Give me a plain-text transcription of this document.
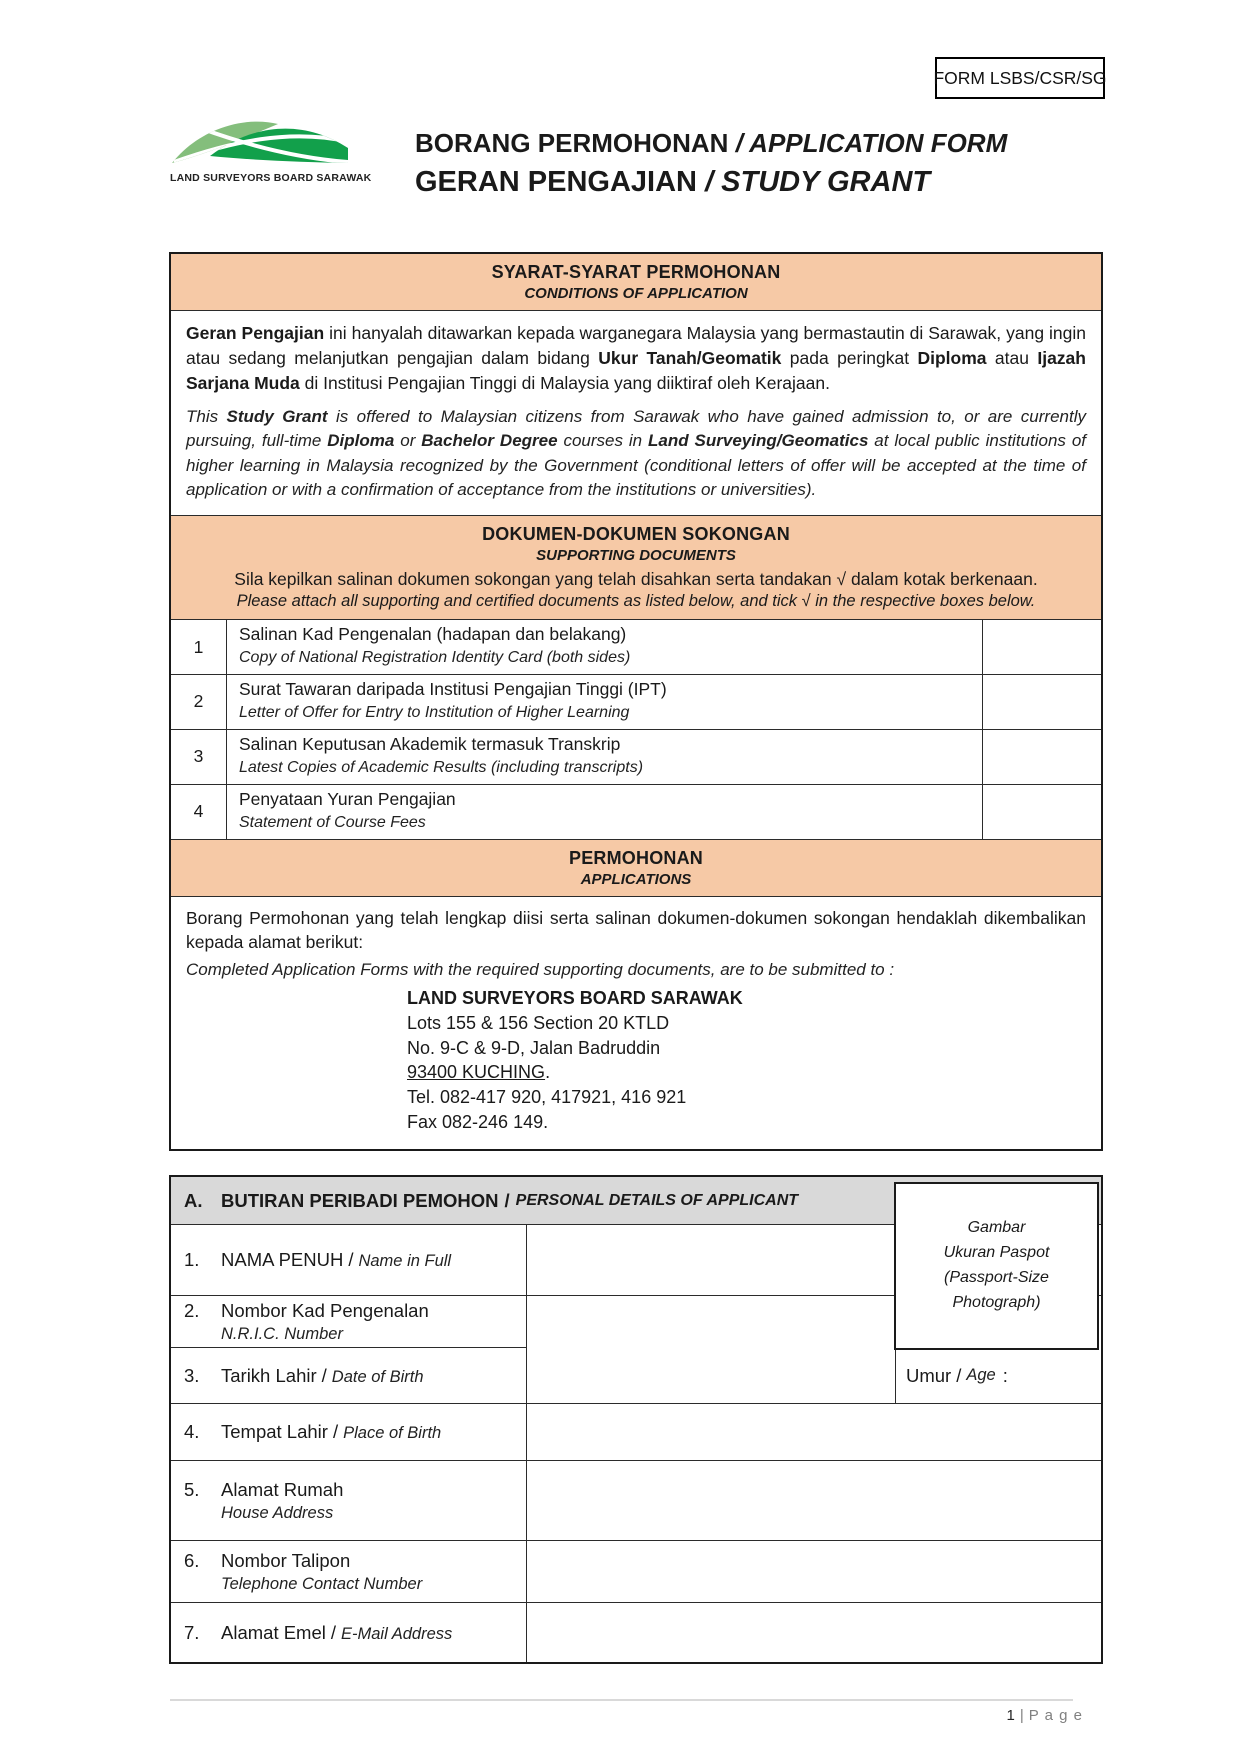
FORM LSBS/CSR/SG
LAND SURVEYORS BOARD SARAWAK
BORANG PERMOHONAN / APPLICATION FORM
GERAN PENGAJIAN / STUDY GRANT
SYARAT-SYARAT PERMOHONAN
CONDITIONS OF APPLICATION
Geran Pengajian ini hanyalah ditawarkan kepada warganegara Malaysia yang bermastautin di Sarawak, yang ingin atau sedang melanjutkan pengajian dalam bidang Ukur Tanah/Geomatik pada peringkat Diploma atau Ijazah Sarjana Muda di Institusi Pengajian Tinggi di Malaysia yang diiktiraf oleh Kerajaan.
This Study Grant is offered to Malaysian citizens from Sarawak who have gained admission to, or are currently pursuing, full-time Diploma or Bachelor Degree courses in Land Surveying/Geomatics at local public institutions of higher learning in Malaysia recognized by the Government (conditional letters of offer will be accepted at the time of application or with a confirmation of acceptance from the institutions or universities).
DOKUMEN-DOKUMEN SOKONGAN
SUPPORTING DOCUMENTS
Sila kepilkan salinan dokumen sokongan yang telah disahkan serta tandakan √ dalam kotak berkenaan.
Please attach all supporting and certified documents as listed below, and tick √ in the respective boxes below.
1
Salinan Kad Pengenalan (hadapan dan belakang)
Copy of National Registration Identity Card (both sides)
2
Surat Tawaran daripada Institusi Pengajian Tinggi (IPT)
Letter of Offer for Entry to Institution of Higher Learning
3
Salinan Keputusan Akademik termasuk Transkrip
Latest Copies of Academic Results (including transcripts)
4
Penyataan Yuran Pengajian
Statement of Course Fees
PERMOHONAN
APPLICATIONS
Borang Permohonan yang telah lengkap diisi serta salinan dokumen-dokumen sokongan hendaklah dikembalikan kepada alamat berikut:
Completed Application Forms with the required supporting documents, are to be submitted to :
LAND SURVEYORS BOARD SARAWAK
Lots 155 & 156 Section 20 KTLD
No. 9-C & 9-D, Jalan Badruddin
93400 KUCHING.
Tel. 082-417 920, 417921, 416 921
Fax 082-246 149.
A.	BUTIRAN PERIBADI PEMOHON / PERSONAL DETAILS OF APPLICANT
1.	NAMA PENUH / Name in Full
2.	Nombor Kad Pengenalan
N.R.I.C. Number
3.	Tarikh Lahir / Date of Birth	Umur / Age :
4.	Tempat Lahir / Place of Birth
5.	Alamat Rumah
House Address
6.	Nombor Talipon
Telephone Contact Number
7.	Alamat Emel / E-Mail Address
Gambar
Ukuran Paspot
(Passport-Size
Photograph)
1 | P a g e
